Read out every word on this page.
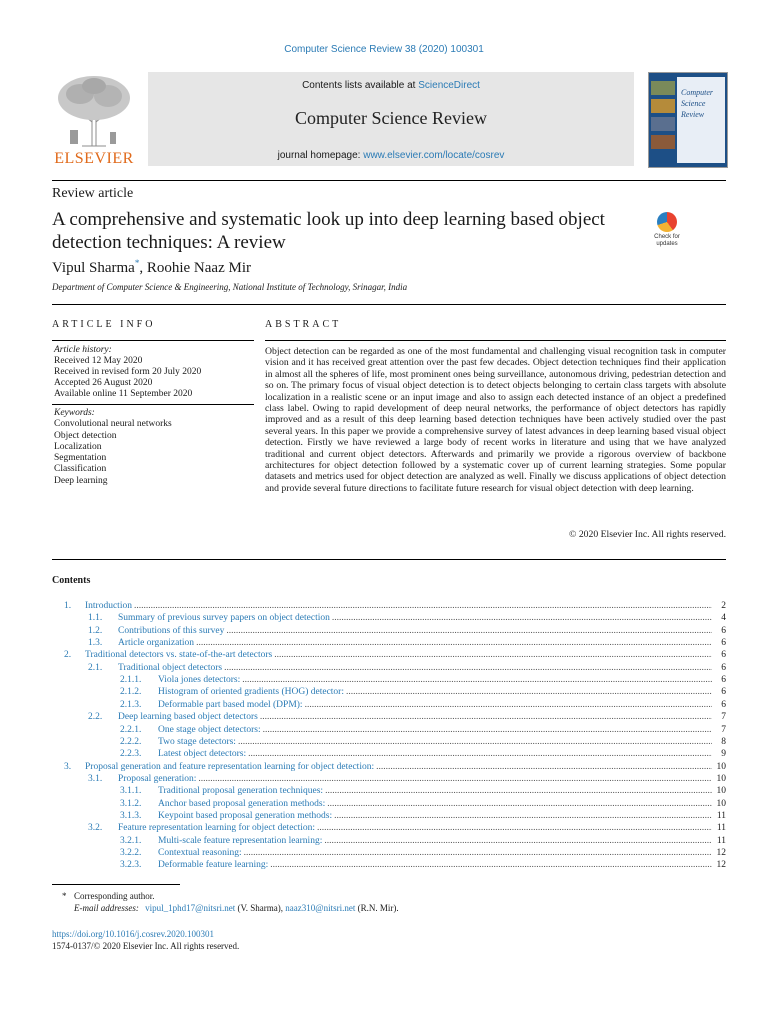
Computer Science Review 38 (2020) 100301
ELSEVIER
Contents lists available at ScienceDirect
Computer Science Review
journal homepage: www.elsevier.com/locate/cosrev
Computer Science Review
Review article
A comprehensive and systematic look up into deep learning based object detection techniques: A review	Check for updates
Vipul Sharma*, Roohie Naaz Mir
Department of Computer Science & Engineering, National Institute of Technology, Srinagar, India
ARTICLE INFO	ABSTRACT
Article history:
Received 12 May 2020
Received in revised form 20 July 2020
Accepted 26 August 2020
Available online 11 September 2020
Keywords:
Convolutional neural networks
Object detection
Localization
Segmentation
Classification
Deep learning
Object detection can be regarded as one of the most fundamental and challenging visual recognition task in computer vision and it has received great attention over the past few decades. Object detection techniques find their application in almost all the spheres of life, most prominent ones being surveillance, autonomous driving, pedestrian detection and so on. The primary focus of visual object detection is to detect objects belonging to certain class targets with absolute localization in a realistic scene or an input image and also to assign each detected instance of an object a predefined class label. Owing to rapid development of deep neural networks, the performance of object detectors has rapidly improved and as a result of this deep learning based detection techniques have been actively studied over the past several years. In this paper we provide a comprehensive survey of latest advances in deep learning based visual object detection. Firstly we have reviewed a large body of recent works in literature and using that we have analyzed traditional and current object detectors. Afterwards and primarily we provide a rigorous overview of backbone architectures for object detection followed by a systematic cover up of current learning strategies. Some popular datasets and metrics used for object detection are analyzed as well. Finally we discuss applications of object detection and provide several future directions to facilitate future research for visual object detection with deep learning.
© 2020 Elsevier Inc. All rights reserved.
Contents
1.	Introduction .....	2
1.1.	Summary of previous survey papers on object detection .....	4
1.2.	Contributions of this survey .....	6
1.3.	Article organization .....	6
2.	Traditional detectors vs. state-of-the-art detectors .....	6
2.1.	Traditional object detectors .....	6
2.1.1.	Viola jones detectors: .....	6
2.1.2.	Histogram of oriented gradients (HOG) detector: .....	6
2.1.3.	Deformable part based model (DPM): .....	6
2.2.	Deep learning based object detectors .....	7
2.2.1.	One stage object detectors: .....	7
2.2.2.	Two stage detectors: .....	8
2.2.3.	Latest object detectors: .....	9
3.	Proposal generation and feature representation learning for object detection: .....	10
3.1.	Proposal generation: .....	10
3.1.1.	Traditional proposal generation techniques: .....	10
3.1.2.	Anchor based proposal generation methods: .....	10
3.1.3.	Keypoint based proposal generation methods: .....	11
3.2.	Feature representation learning for object detection: .....	11
3.2.1.	Multi-scale feature representation learning: .....	11
3.2.2.	Contextual reasoning: .....	12
3.2.3.	Deformable feature learning: .....	12
* Corresponding author.
E-mail addresses: vipul_1phd17@nitsri.net (V. Sharma), naaz310@nitsri.net (R.N. Mir).
https://doi.org/10.1016/j.cosrev.2020.100301
1574-0137/© 2020 Elsevier Inc. All rights reserved.
